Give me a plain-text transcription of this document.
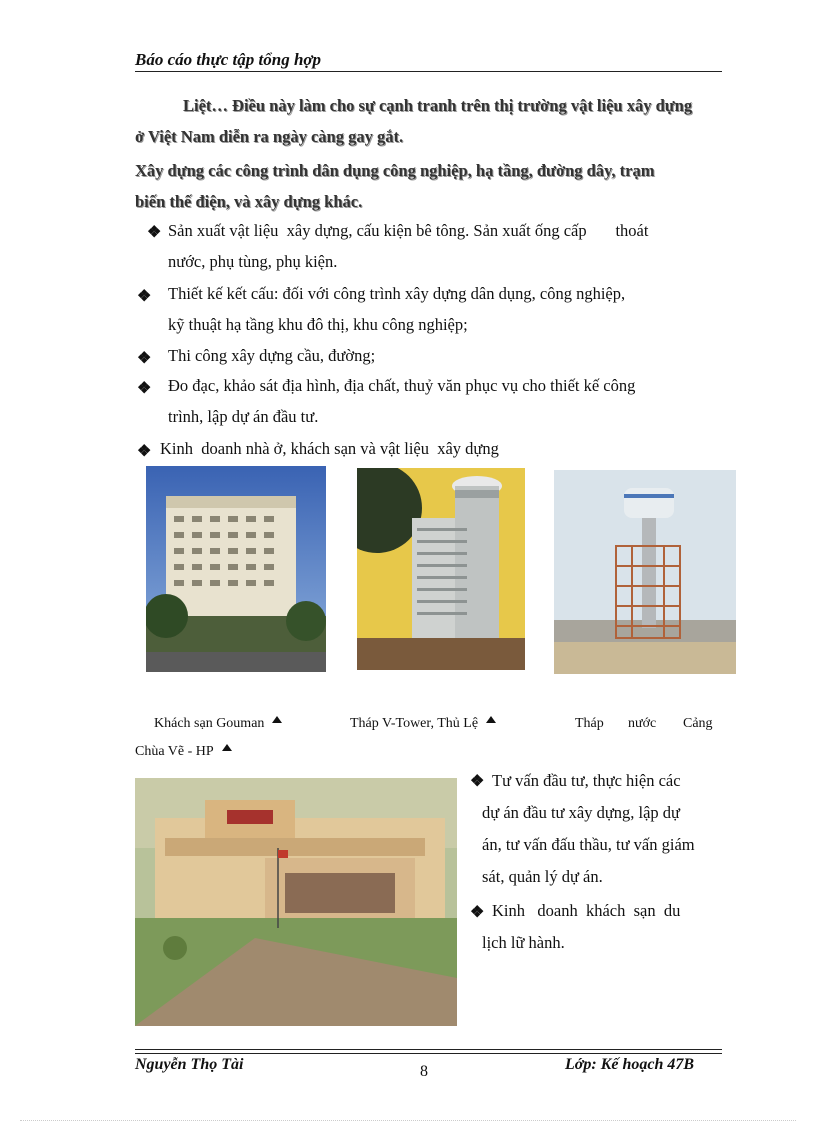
Báo cáo thực tập tổng hợp
Liệt… Điều này làm cho sự cạnh tranh trên thị trường vật liệu xây dựng
ở Việt Nam diễn ra ngày càng gay gắt.
Xây dựng các công trình dân dụng công nghiệp, hạ tầng, đường dây, trạm
biến thế điện, và xây dựng khác.
❖ Sản xuất vật liệu  xây dựng, cấu kiện bê tông. Sản xuất ống cấp       thoát
nước, phụ tùng, phụ kiện.
❖ Thiết kế kết cấu: đối với công trình xây dựng dân dụng, công nghiệp,
kỹ thuật hạ tầng khu đô thị, khu công nghiệp;
❖ Thi công xây dựng cầu, đường;
❖ Đo đạc, khảo sát địa hình, địa chất, thuỷ văn phục vụ cho thiết kế công
trình, lập dự án đầu tư.
❖ Kinh  doanh nhà ở, khách sạn và vật liệu  xây dựng
Khách sạn Gouman	Tháp V-Tower, Thủ Lệ	Tháp nước Cảng
Chùa Vẽ - HP
❖ Tư vấn đầu tư, thực hiện các
dự án đầu tư xây dựng, lập dự
án, tư vấn đấu thầu, tư vấn giám
sát, quản lý dự án.
❖ Kinh   doanh  khách  sạn  du
lịch lữ hành.
Nguyễn Thọ Tài	8	Lớp: Kế hoạch 47B
